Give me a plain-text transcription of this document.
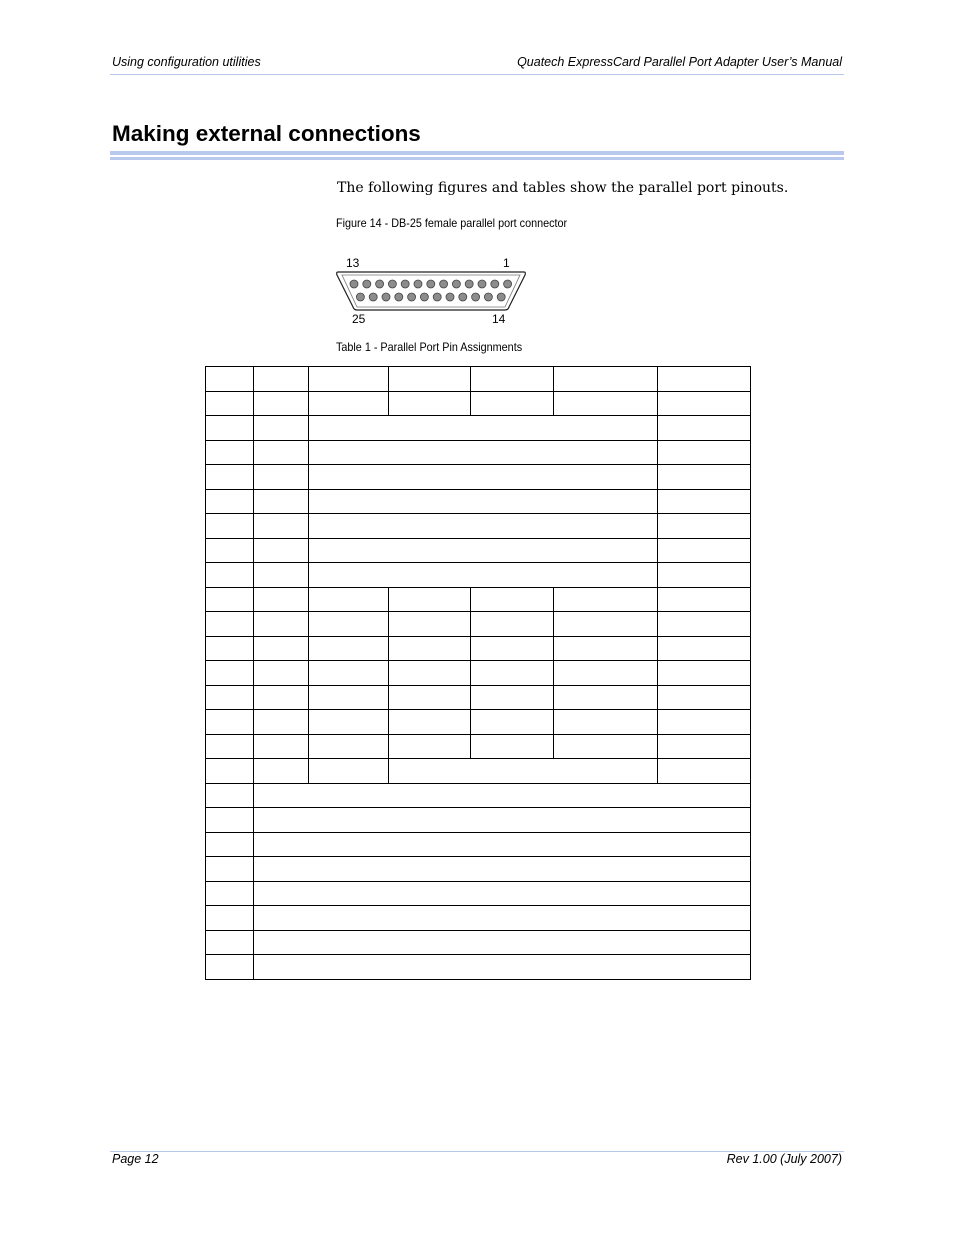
Using configuration utilities	Quatech ExpressCard Parallel Port Adapter User’s Manual
Making external connections
The following figures and tables show the parallel port pinouts.
Figure 14 - DB-25 female parallel port connector
13	1
25	14
Table 1 - Parallel Port Pin Assignments

Page 12	Rev 1.00 (July 2007)
